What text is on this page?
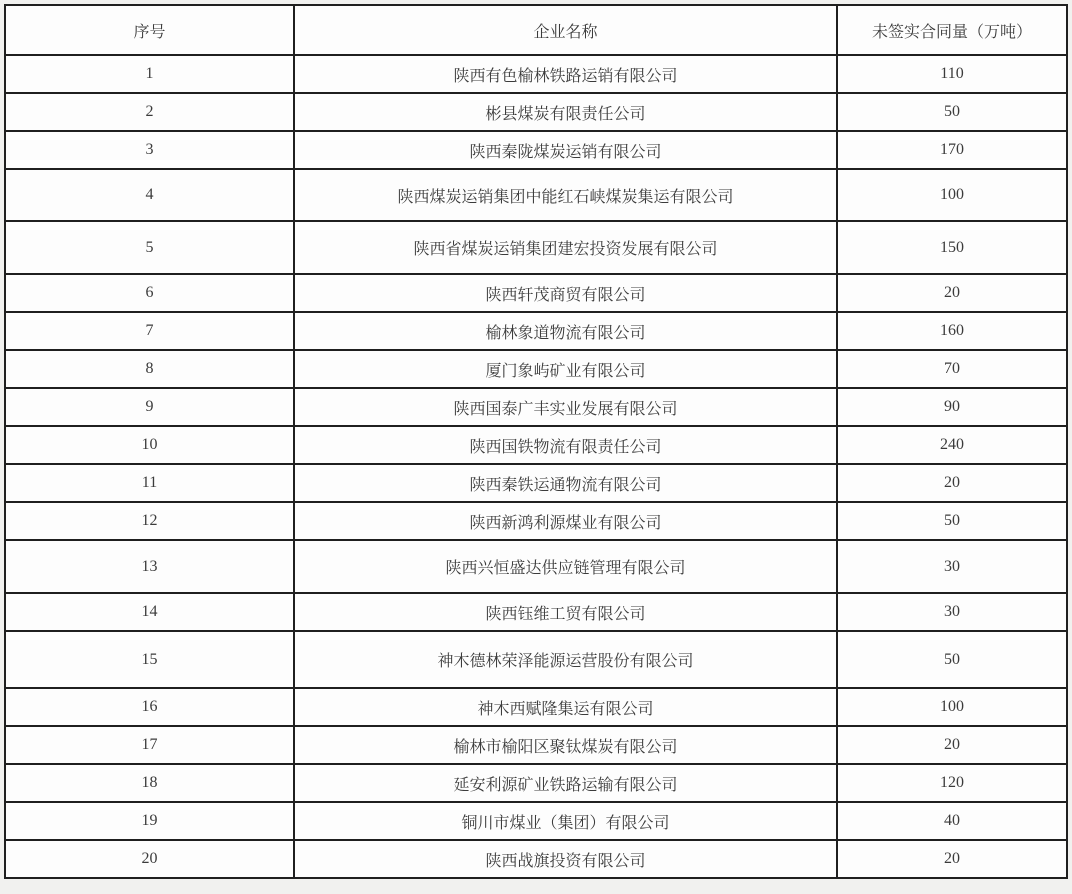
序号	企业名称	未签实合同量（万吨）
1	陕西有色榆林铁路运销有限公司	110
2	彬县煤炭有限责任公司	50
3	陕西秦陇煤炭运销有限公司	170
4	陕西煤炭运销集团中能红石峡煤炭集运有限公司	100
5	陕西省煤炭运销集团建宏投资发展有限公司	150
6	陕西轩茂商贸有限公司	20
7	榆林象道物流有限公司	160
8	厦门象屿矿业有限公司	70
9	陕西国泰广丰实业发展有限公司	90
10	陕西国铁物流有限责任公司	240
11	陕西秦铁运通物流有限公司	20
12	陕西新鸿利源煤业有限公司	50
13	陕西兴恒盛达供应链管理有限公司	30
14	陕西钰维工贸有限公司	30
15	神木德林荣泽能源运营股份有限公司	50
16	神木西赋隆集运有限公司	100
17	榆林市榆阳区聚钛煤炭有限公司	20
18	延安利源矿业铁路运输有限公司	120
19	铜川市煤业（集团）有限公司	40
20	陕西战旗投资有限公司	20
